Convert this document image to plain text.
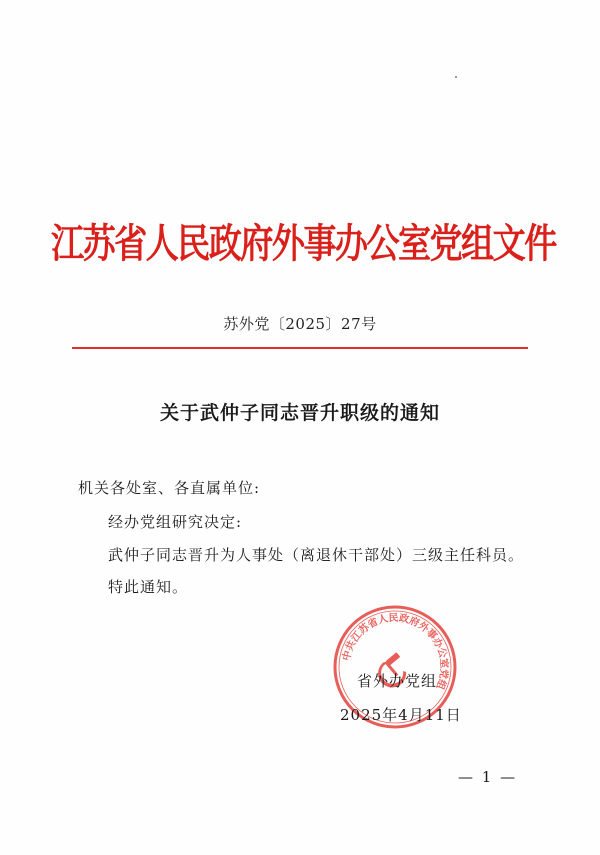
江苏省人民政府外事办公室党组文件
苏外党〔2025〕27号
关于武仲子同志晋升职级的通知
机关各处室、各直属单位:
经办党组研究决定:
武仲子同志晋升为人事处（离退休干部处）三级主任科员。
特此通知。
中共江苏省人民政府外事办公室党组
省外办党组
2025年4月11日
— 1 —
